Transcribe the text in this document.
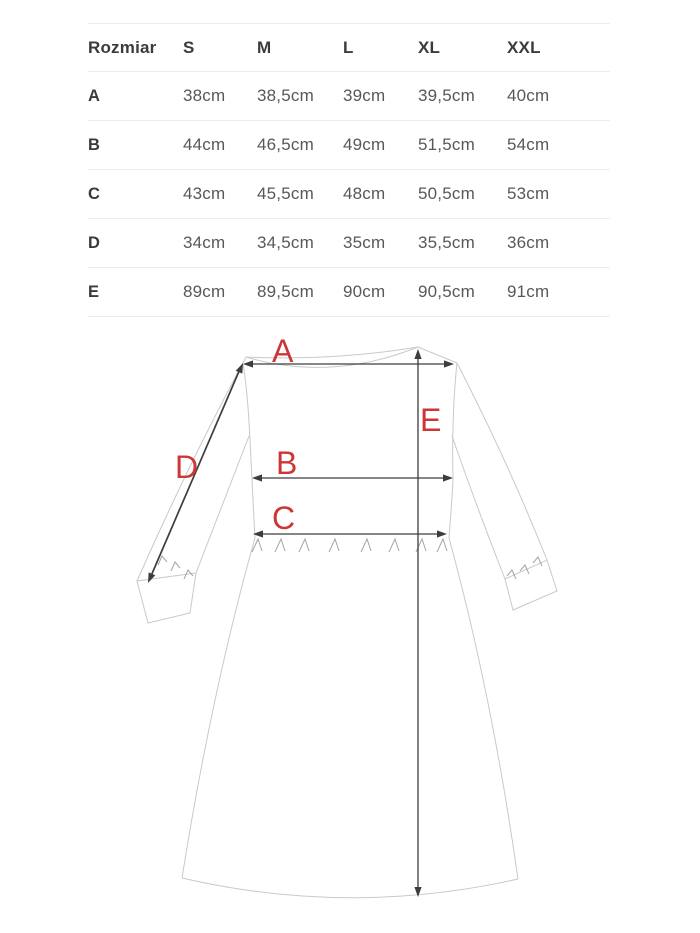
Rozmiar	S	M	L	XL	XXL
A	38cm	38,5cm	39cm	39,5cm	40cm
B	44cm	46,5cm	49cm	51,5cm	54cm
C	43cm	45,5cm	48cm	50,5cm	53cm
D	34cm	34,5cm	35cm	35,5cm	36cm
E	89cm	89,5cm	90cm	90,5cm	91cm
A
B
C
D
E
